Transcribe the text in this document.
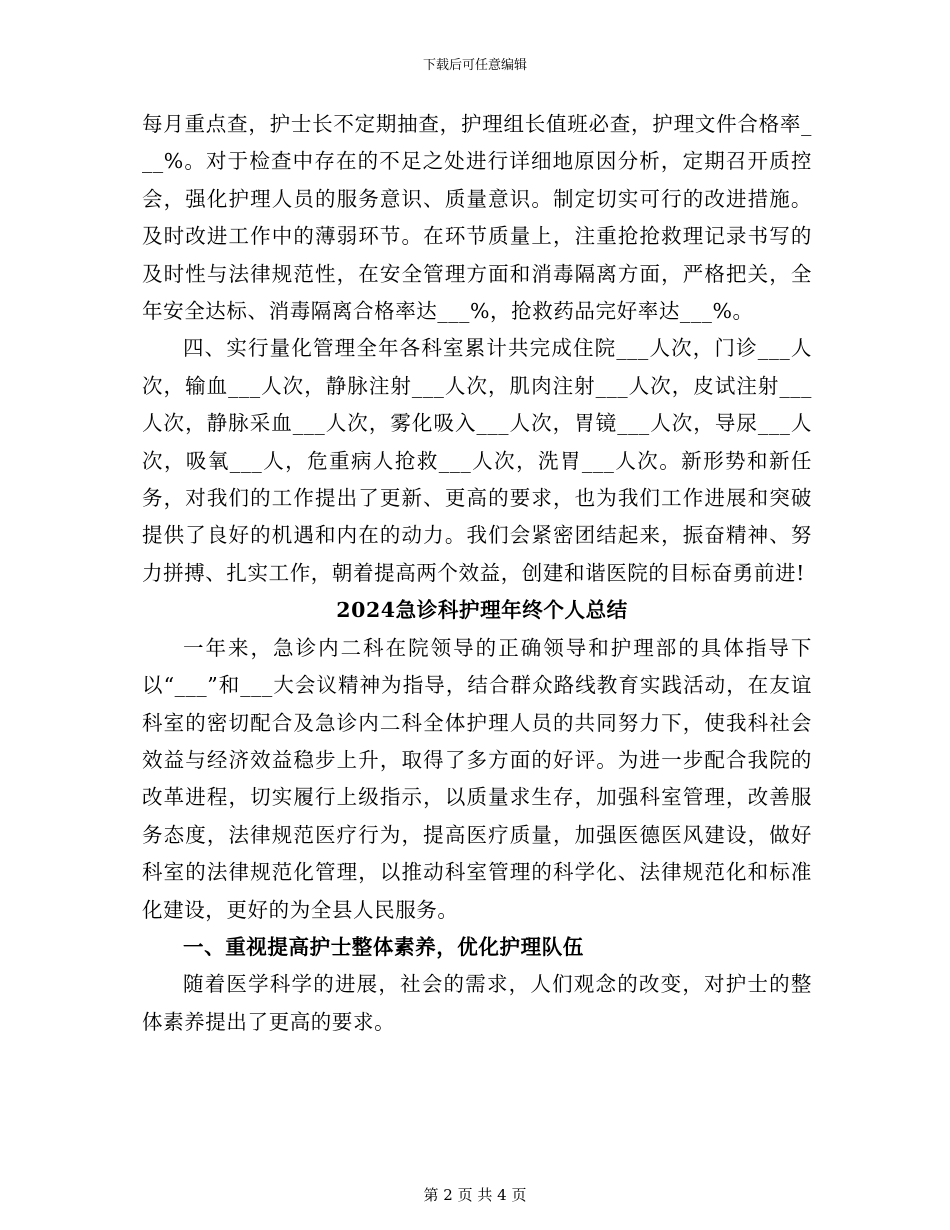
下载后可任意编辑

每月重点查，护士长不定期抽查，护理组长值班必查，护理文件合格率___%。对于检查中存在的不足之处进行详细地原因分析，定期召开质控会，强化护理人员的服务意识、质量意识。制定切实可行的改进措施。及时改进工作中的薄弱环节。在环节质量上，注重抢抢救理记录书写的及时性与法律规范性，在安全管理方面和消毒隔离方面，严格把关，全年安全达标、消毒隔离合格率达___%，抢救药品完好率达___%。

四、实行量化管理全年各科室累计共完成住院___人次，门诊___人次，输血___人次，静脉注射___人次，肌肉注射___人次，皮试注射___人次，静脉采血___人次，雾化吸入___人次，胃镜___人次，导尿___人次，吸氧___人，危重病人抢救___人次，洗胃___人次。新形势和新任务，对我们的工作提出了更新、更高的要求，也为我们工作进展和突破提供了良好的机遇和内在的动力。我们会紧密团结起来，振奋精神、努力拼搏、扎实工作，朝着提高两个效益，创建和谐医院的目标奋勇前进!

2024急诊科护理年终个人总结

一年来，急诊内二科在院领导的正确领导和护理部的具体指导下以“___”和___大会议精神为指导，结合群众路线教育实践活动，在友谊科室的密切配合及急诊内二科全体护理人员的共同努力下，使我科社会效益与经济效益稳步上升，取得了多方面的好评。为进一步配合我院的改革进程，切实履行上级指示，以质量求生存，加强科室管理，改善服务态度，法律规范医疗行为，提高医疗质量，加强医德医风建设，做好科室的法律规范化管理，以推动科室管理的科学化、法律规范化和标准化建设，更好的为全县人民服务。

一、重视提高护士整体素养，优化护理队伍

随着医学科学的进展，社会的需求，人们观念的改变，对护士的整体素养提出了更高的要求。

第 2 页 共 4 页
